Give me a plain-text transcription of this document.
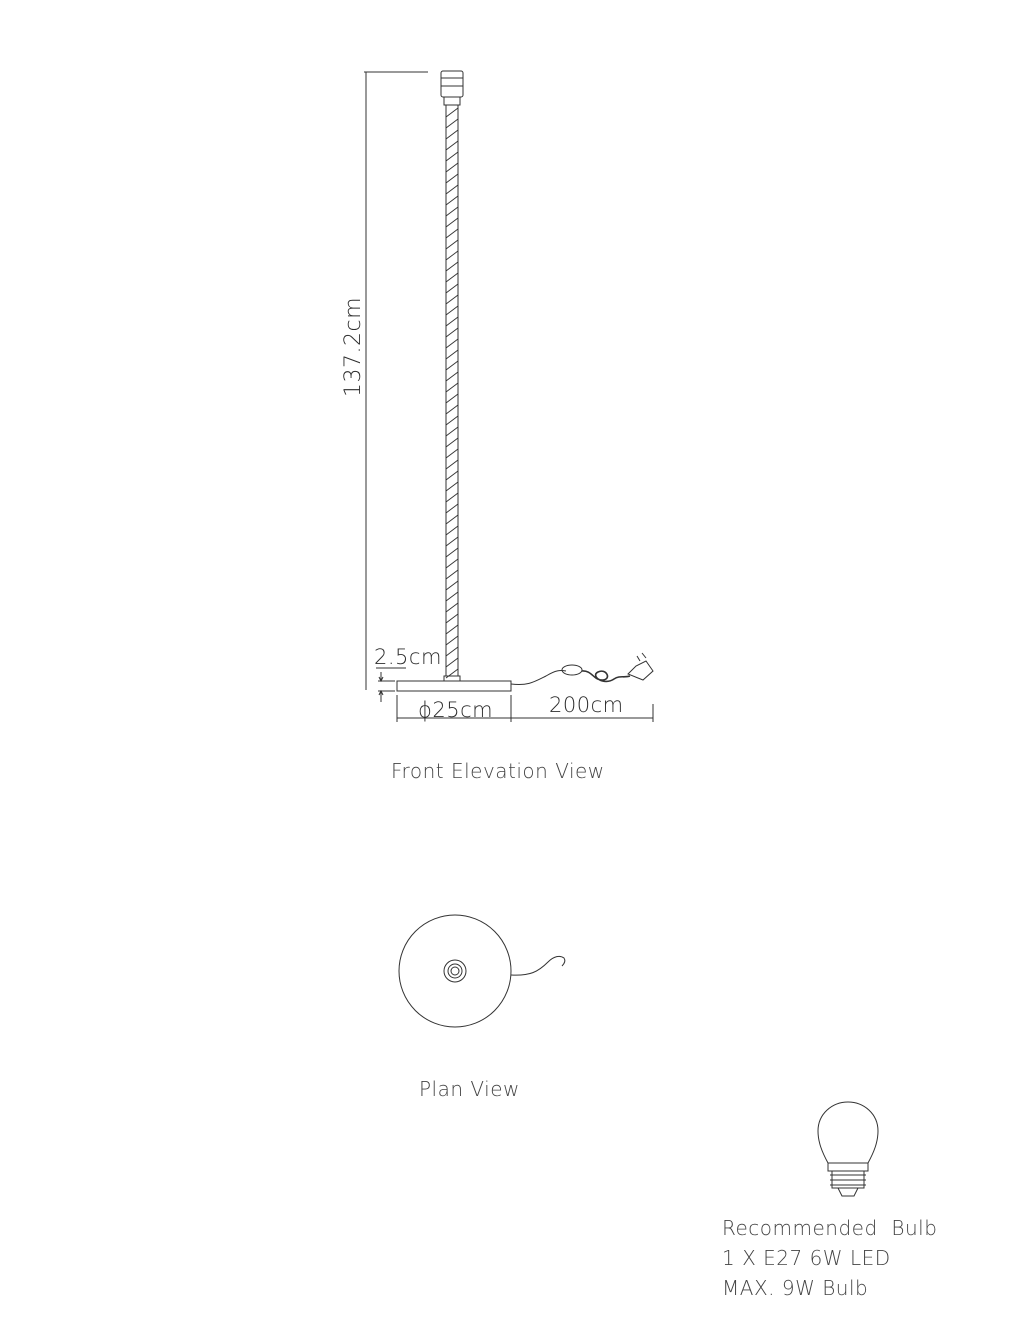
137.2cm
2.5cm
ϕ25cm	200cm
Front Elevation View
Plan View
Recommended  Bulb
1 X E27 6W LED
MAX. 9W Bulb
